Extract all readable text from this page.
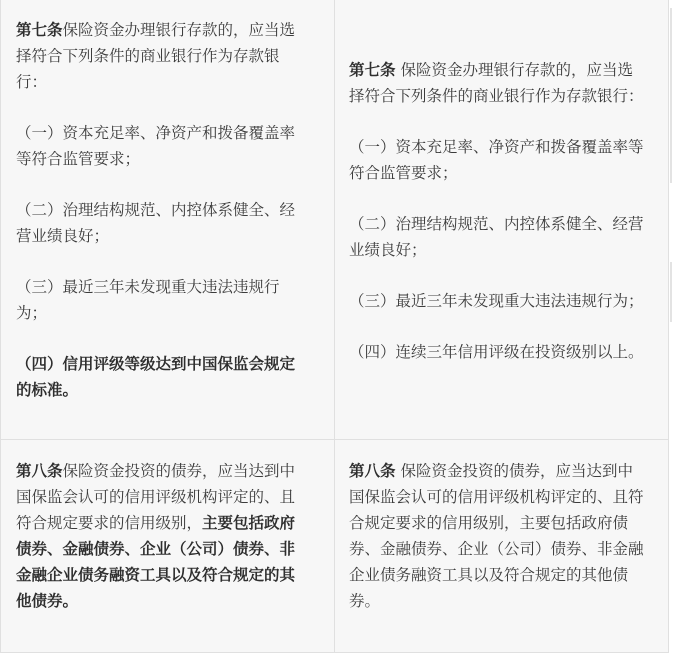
第七条保险资金办理银行存款的，应当选
择符合下列条件的商业银行作为存款银
行：
（一）资本充足率、净资产和拨备覆盖率
等符合监管要求；
（二）治理结构规范、内控体系健全、经
营业绩良好；
（三）最近三年未发现重大违法违规行
为；
（四）信用评级等级达到中国保监会规定
的标准。
第七条 保险资金办理银行存款的，应当选
择符合下列条件的商业银行作为存款银行：
（一）资本充足率、净资产和拨备覆盖率等
符合监管要求；
（二）治理结构规范、内控体系健全、经营
业绩良好；
（三）最近三年未发现重大违法违规行为；
（四）连续三年信用评级在投资级别以上。
第八条保险资金投资的债券，应当达到中
国保监会认可的信用评级机构评定的、且
符合规定要求的信用级别，主要包括政府
债券、金融债券、企业（公司）债券、非
金融企业债务融资工具以及符合规定的其
他债券。
第八条 保险资金投资的债券，应当达到中
国保监会认可的信用评级机构评定的、且符
合规定要求的信用级别，主要包括政府债
券、金融债券、企业（公司）债券、非金融
企业债务融资工具以及符合规定的其他债
券。
